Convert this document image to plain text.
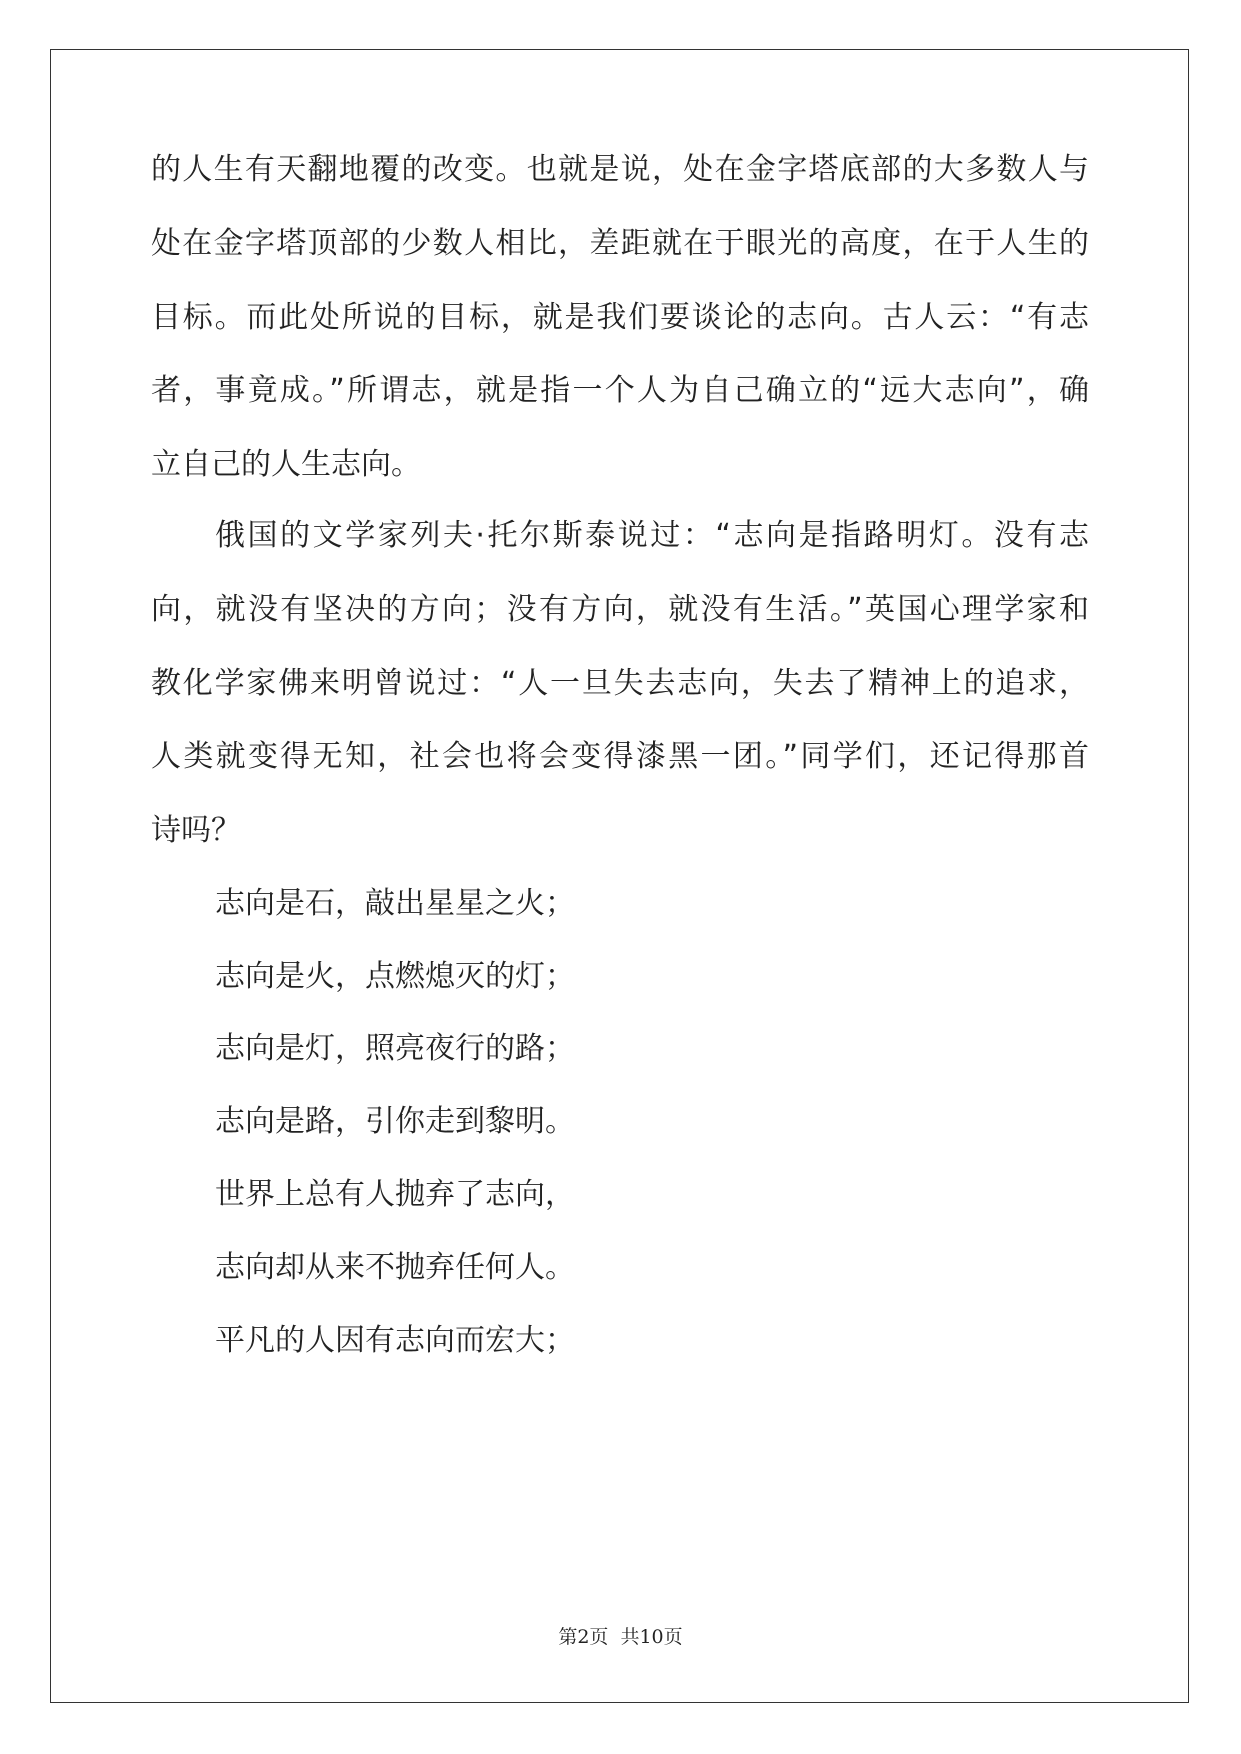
的人生有天翻地覆的改变。也就是说，处在金字塔底部的大多数人与
处在金字塔顶部的少数人相比，差距就在于眼光的高度，在于人生的
目标。而此处所说的目标，就是我们要谈论的志向。古人云：“有志
者，事竟成。”所谓志，就是指一个人为自己确立的“远大志向”，确
立自己的人生志向。
俄国的文学家列夫·托尔斯泰说过：“志向是指路明灯。没有志
向，就没有坚决的方向；没有方向，就没有生活。”英国心理学家和
教化学家佛来明曾说过：“人一旦失去志向，失去了精神上的追求，
人类就变得无知，社会也将会变得漆黑一团。”同学们，还记得那首
诗吗？
志向是石，敲出星星之火；
志向是火，点燃熄灭的灯；
志向是灯，照亮夜行的路；
志向是路，引你走到黎明。
世界上总有人抛弃了志向，
志向却从来不抛弃任何人。
平凡的人因有志向而宏大；
第2页 共10页
